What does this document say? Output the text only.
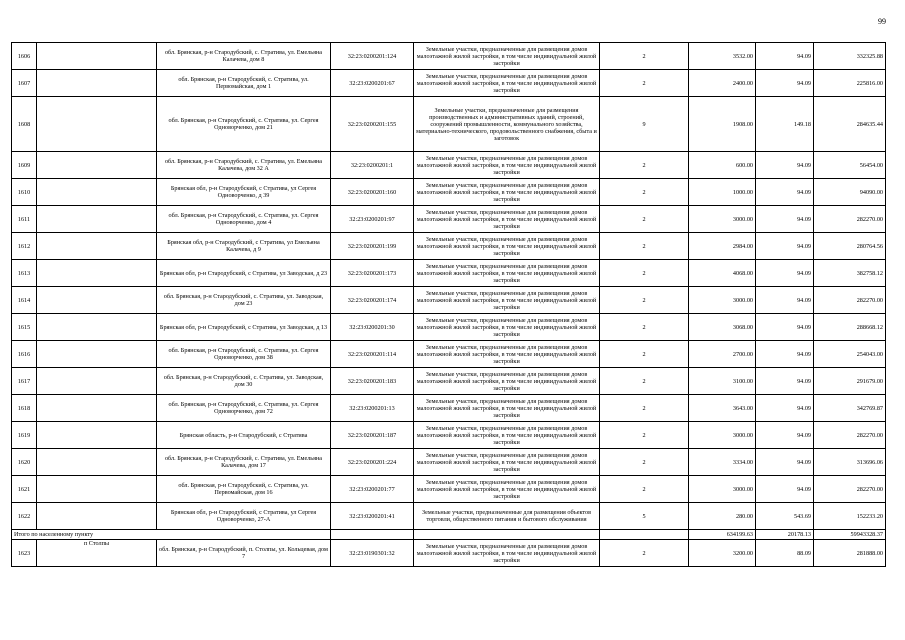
99
1606		обл. Брянская, р-н Стародубский, с. Стратива, ул. Емельяна Калачева, дом 8	32:23:0200201:124	Земельные участки, предназначенные для размещения домов малоэтажной жилой застройки, в том числе индивидуальной жилой застройки	2	3532.00	94.09	332325.88
1607		обл. Брянская, р-н Стародубский, с. Стратива, ул. Первомайская, дом 1	32:23:0200201:67	Земельные участки, предназначенные для размещения домов малоэтажной жилой застройки, в том числе индивидуальной жилой застройки	2	2400.00	94.09	225816.00
1608		обл. Брянская, р-н Стародубский, с. Стратива, ул. Сергея Одноворченко, дом 21	32:23:0200201:155	Земельные участки, предназначенные для размещения производственных и административных зданий, строений, сооружений промышленности, коммунального хозяйства, материально-технического, продовольственного снабжения, сбыта и заготовок	9	1908.00	149.18	284635.44
1609		обл. Брянская, р-н Стародубский, с. Стратива, ул. Емельяна Калачева, дом 32 А	32:23:0200201:1	Земельные участки, предназначенные для размещения домов малоэтажной жилой застройки, в том числе индивидуальной жилой застройки	2	600.00	94.09	56454.00
1610		Брянская обл, р-н Стародубский, с Стратива, ул Сергея Одноворченко, д 39	32:23:0200201:160	Земельные участки, предназначенные для размещения домов малоэтажной жилой застройки, в том числе индивидуальной жилой застройки	2	1000.00	94.09	94090.00
1611		обл. Брянская, р-н Стародубский, с. Стратива, ул. Сергея Одноворченко, дом 4	32:23:0200201:97	Земельные участки, предназначенные для размещения домов малоэтажной жилой застройки, в том числе индивидуальной жилой застройки	2	3000.00	94.09	282270.00
1612		Брянская обл, р-н Стародубский, с Стратива, ул Емельяна Калачева, д 9	32:23:0200201:199	Земельные участки, предназначенные для размещения домов малоэтажной жилой застройки, в том числе индивидуальной жилой застройки	2	2984.00	94.09	280764.56
1613		Брянская обл, р-н Стародубский, с Стратива, ул Заводская, д 23	32:23:0200201:173	Земельные участки, предназначенные для размещения домов малоэтажной жилой застройки, в том числе индивидуальной жилой застройки	2	4068.00	94.09	382758.12
1614		обл. Брянская, р-н Стародубский, с. Стратива, ул. Заводская, дом 23	32:23:0200201:174	Земельные участки, предназначенные для размещения домов малоэтажной жилой застройки, в том числе индивидуальной жилой застройки	2	3000.00	94.09	282270.00
1615		Брянская обл, р-н Стародубский, с Стратива, ул Заводская, д 13	32:23:0200201:30	Земельные участки, предназначенные для размещения домов малоэтажной жилой застройки, в том числе индивидуальной жилой застройки	2	3068.00	94.09	288668.12
1616		обл. Брянская, р-н Стародубский, с. Стратива, ул. Сергея Одноворченко, дом 38	32:23:0200201:114	Земельные участки, предназначенные для размещения домов малоэтажной жилой застройки, в том числе индивидуальной жилой застройки	2	2700.00	94.09	254043.00
1617		обл. Брянская, р-н Стародубский, с. Стратива, ул. Заводская, дом 30	32:23:0200201:183	Земельные участки, предназначенные для размещения домов малоэтажной жилой застройки, в том числе индивидуальной жилой застройки	2	3100.00	94.09	291679.00
1618		обл. Брянская, р-н Стародубский, с. Стратива, ул. Сергея Одноворченко, дом 72	32:23:0200201:13	Земельные участки, предназначенные для размещения домов малоэтажной жилой застройки, в том числе индивидуальной жилой застройки	2	3643.00	94.09	342769.87
1619		Брянская область, р-н Стародубский, с Стратива	32:23:0200201:187	Земельные участки, предназначенные для размещения домов малоэтажной жилой застройки, в том числе индивидуальной жилой застройки	2	3000.00	94.09	282270.00
1620		обл. Брянская, р-н Стародубский, с. Стратива, ул. Емельяна Калачева, дом 17	32:23:0200201:224	Земельные участки, предназначенные для размещения домов малоэтажной жилой застройки, в том числе индивидуальной жилой застройки	2	3334.00	94.09	313696.06
1621		обл. Брянская, р-н Стародубский, с. Стратива, ул. Первомайская, дом 16	32:23:0200201:77	Земельные участки, предназначенные для размещения домов малоэтажной жилой застройки, в том числе индивидуальной жилой застройки	2	3000.00	94.09	282270.00
1622		Брянская обл, р-н Стародубский, с Стратива, ул Сергея Одноворченко, 27-А	32:23:0200201:41	Земельные участки, предназначенные для размещения объектов торговли, общественного питания и бытового обслуживания	5	280.00	543.69	152233.20
Итого по населенному пункту						634199.63	20178.13	59943328.37
1623	п Столпы	обл. Брянская, р-н Стародубский, п. Столпы, ул. Кольцевая, дом 7	32:23:0190301:32	Земельные участки, предназначенные для размещения домов малоэтажной жилой застройки, в том числе индивидуальной жилой застройки	2	3200.00	88.09	281888.00
